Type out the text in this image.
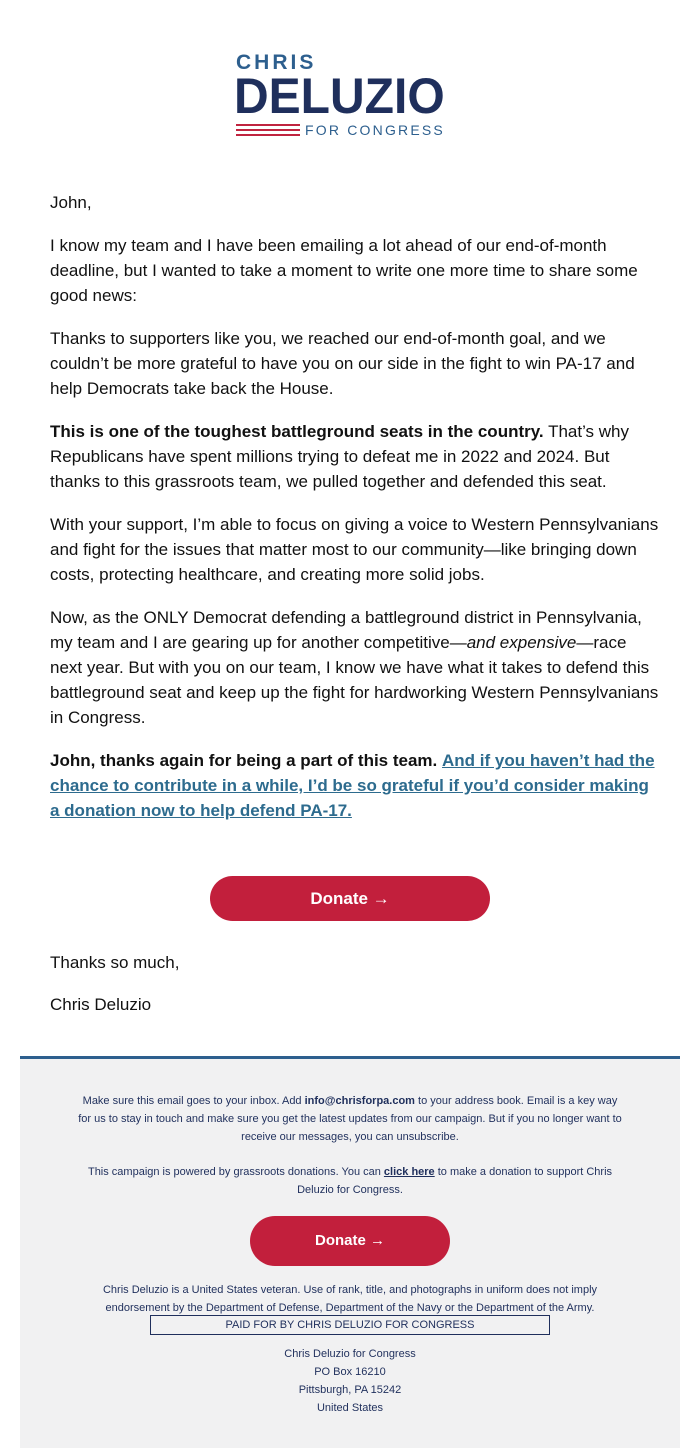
CHRIS
DELUZIO
FOR CONGRESS

John,

I know my team and I have been emailing a lot ahead of our end-of-month deadline, but I wanted to take a moment to write one more time to share some good news:

Thanks to supporters like you, we reached our end-of-month goal, and we couldn’t be more grateful to have you on our side in the fight to win PA-17 and help Democrats take back the House.

This is one of the toughest battleground seats in the country. That’s why Republicans have spent millions trying to defeat me in 2022 and 2024. But thanks to this grassroots team, we pulled together and defended this seat.

With your support, I’m able to focus on giving a voice to Western Pennsylvanians and fight for the issues that matter most to our community—like bringing down costs, protecting healthcare, and creating more solid jobs.

Now, as the ONLY Democrat defending a battleground district in Pennsylvania, my team and I are gearing up for another competitive—and expensive—race next year. But with you on our team, I know we have what it takes to defend this battleground seat and keep up the fight for hardworking Western Pennsylvanians in Congress.

John, thanks again for being a part of this team. And if you haven’t had the chance to contribute in a while, I’d be so grateful if you’d consider making a donation now to help defend PA-17.

Donate →
Thanks so much,
Chris Deluzio
Make sure this email goes to your inbox. Add info@chrisforpa.com to your address book. Email is a key way for us to stay in touch and make sure you get the latest updates from our campaign. But if you no longer want to receive our messages, you can unsubscribe.
This campaign is powered by grassroots donations. You can click here to make a donation to support Chris Deluzio for Congress.
Donate →
Chris Deluzio is a United States veteran. Use of rank, title, and photographs in uniform does not imply endorsement by the Department of Defense, Department of the Navy or the Department of the Army.
PAID FOR BY CHRIS DELUZIO FOR CONGRESS
Chris Deluzio for Congress
PO Box 16210
Pittsburgh, PA 15242
United States
